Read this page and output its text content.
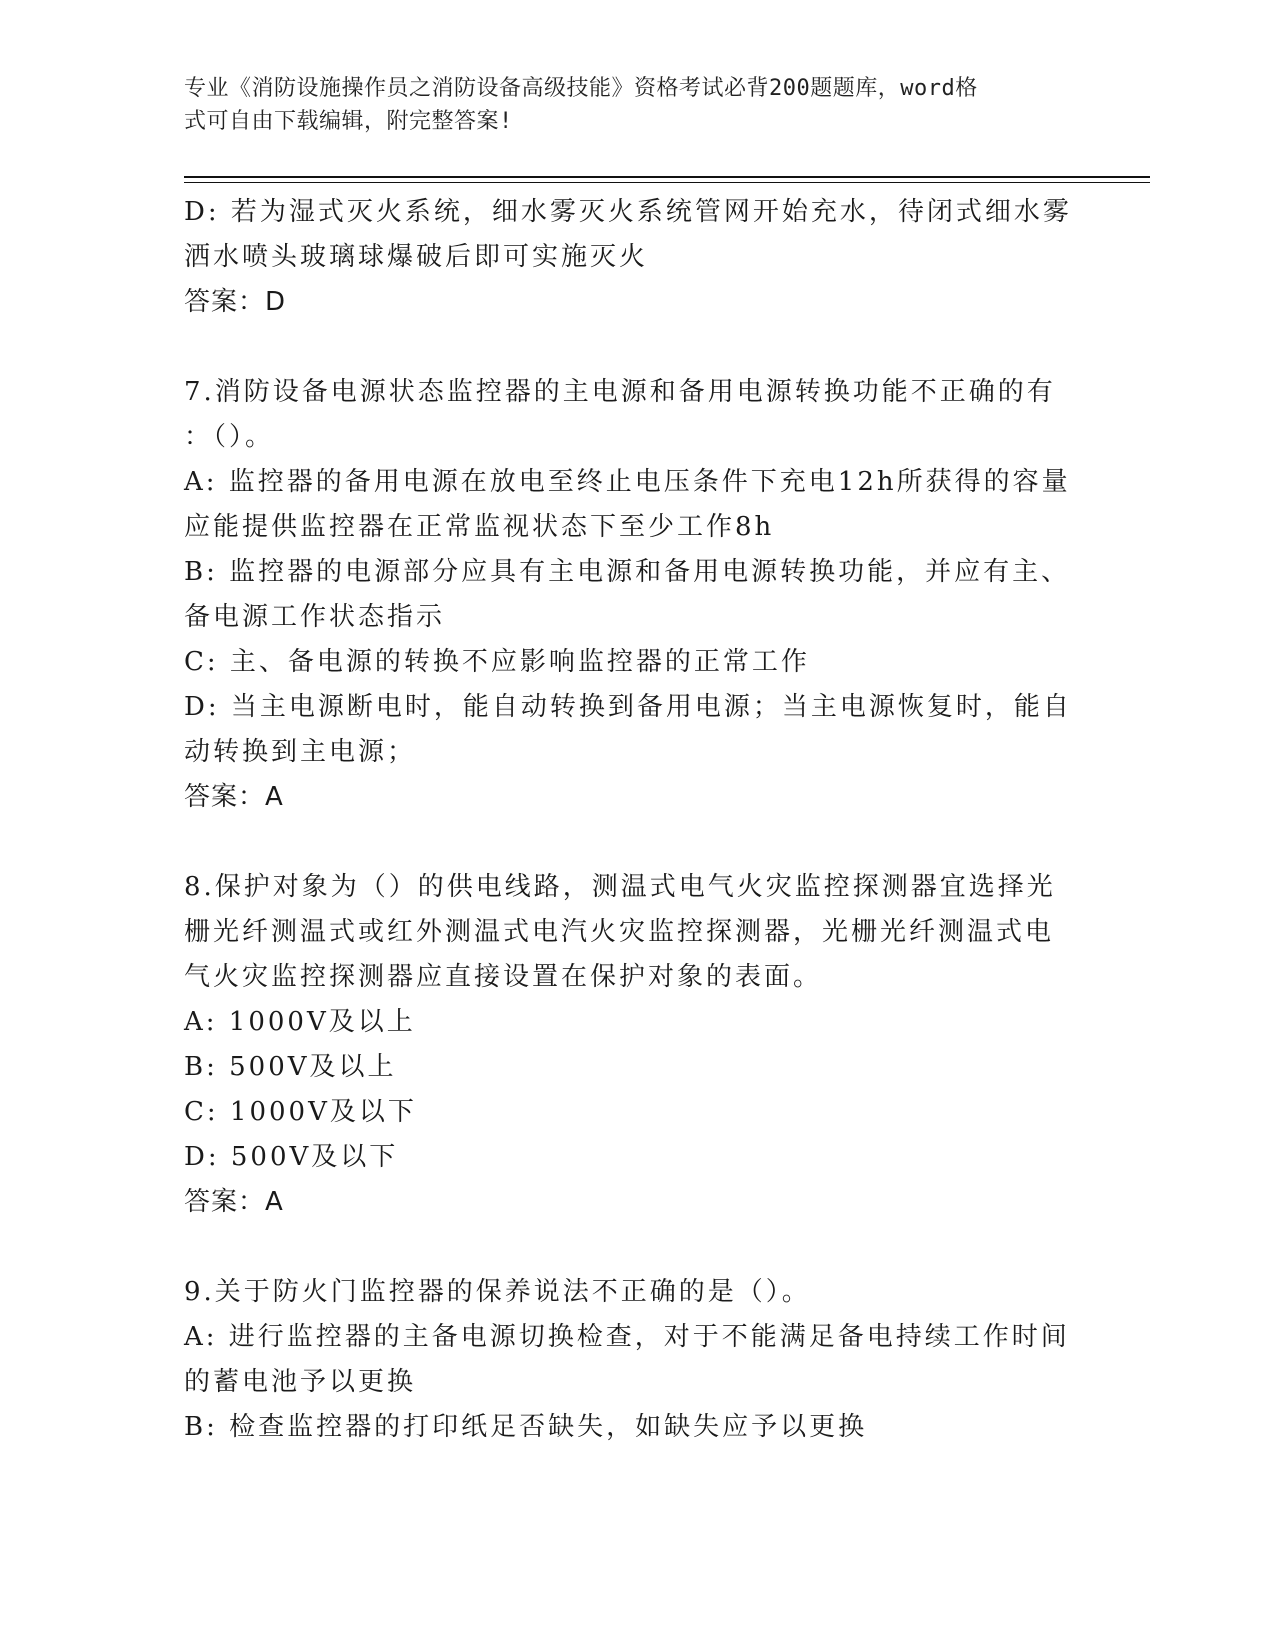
专业《消防设施操作员之消防设备高级技能》资格考试必背200题题库，word格
式可自由下载编辑，附完整答案!
D: 若为湿式灭火系统，细水雾灭火系统管网开始充水，待闭式细水雾
洒水喷头玻璃球爆破后即可实施灭火
答案：D
7.消防设备电源状态监控器的主电源和备用电源转换功能不正确的有
：（）。
A: 监控器的备用电源在放电至终止电压条件下充电12h所获得的容量
应能提供监控器在正常监视状态下至少工作8h
B: 监控器的电源部分应具有主电源和备用电源转换功能，并应有主、
备电源工作状态指示
C: 主、备电源的转换不应影响监控器的正常工作
D: 当主电源断电时，能自动转换到备用电源；当主电源恢复时，能自
动转换到主电源；
答案：A
8.保护对象为（）的供电线路，测温式电气火灾监控探测器宜选择光
栅光纤测温式或红外测温式电汽火灾监控探测器，光栅光纤测温式电
气火灾监控探测器应直接设置在保护对象的表面。
A: 1000V及以上
B: 500V及以上
C: 1000V及以下
D: 500V及以下
答案：A
9.关于防火门监控器的保养说法不正确的是（）。
A: 进行监控器的主备电源切换检查，对于不能满足备电持续工作时间
的蓄电池予以更换
B: 检查监控器的打印纸足否缺失，如缺失应予以更换
